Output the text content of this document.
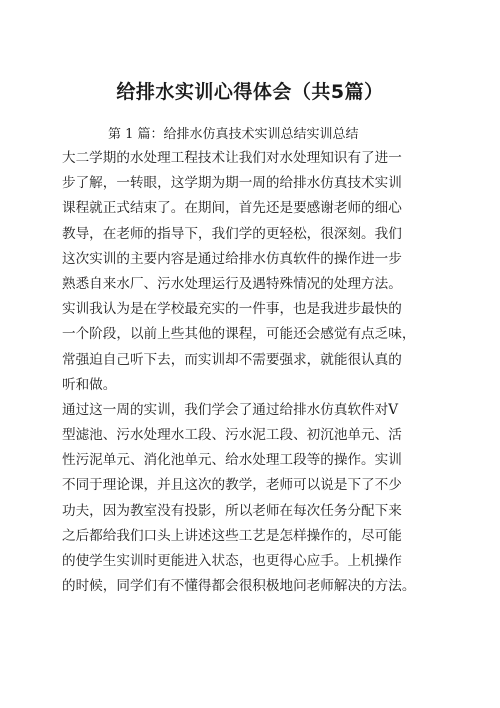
给排水实训心得体会（共5篇）

第 1 篇：给排水仿真技术实训总结实训总结

大二学期的水处理工程技术让我们对水处理知识有了进一
步了解，一转眼，这学期为期一周的给排水仿真技术实训
课程就正式结束了。在期间，首先还是要感谢老师的细心
教导，在老师的指导下，我们学的更轻松，很深刻。我们
这次实训的主要内容是通过给排水仿真软件的操作进一步
熟悉自来水厂、污水处理运行及遇特殊情况的处理方法。
实训我认为是在学校最充实的一件事，也是我进步最快的
一个阶段，以前上些其他的课程，可能还会感觉有点乏味，
常强迫自己听下去，而实训却不需要强求，就能很认真的
听和做。
通过这一周的实训，我们学会了通过给排水仿真软件对V
型滤池、污水处理水工段、污水泥工段、初沉池单元、活
性污泥单元、消化池单元、给水处理工段等的操作。实训
不同于理论课，并且这次的教学，老师可以说是下了不少
功夫，因为教室没有投影，所以老师在每次任务分配下来
之后都给我们口头上讲述这些工艺是怎样操作的，尽可能
的使学生实训时更能进入状态，也更得心应手。上机操作
的时候，同学们有不懂得都会很积极地问老师解决的方法。
